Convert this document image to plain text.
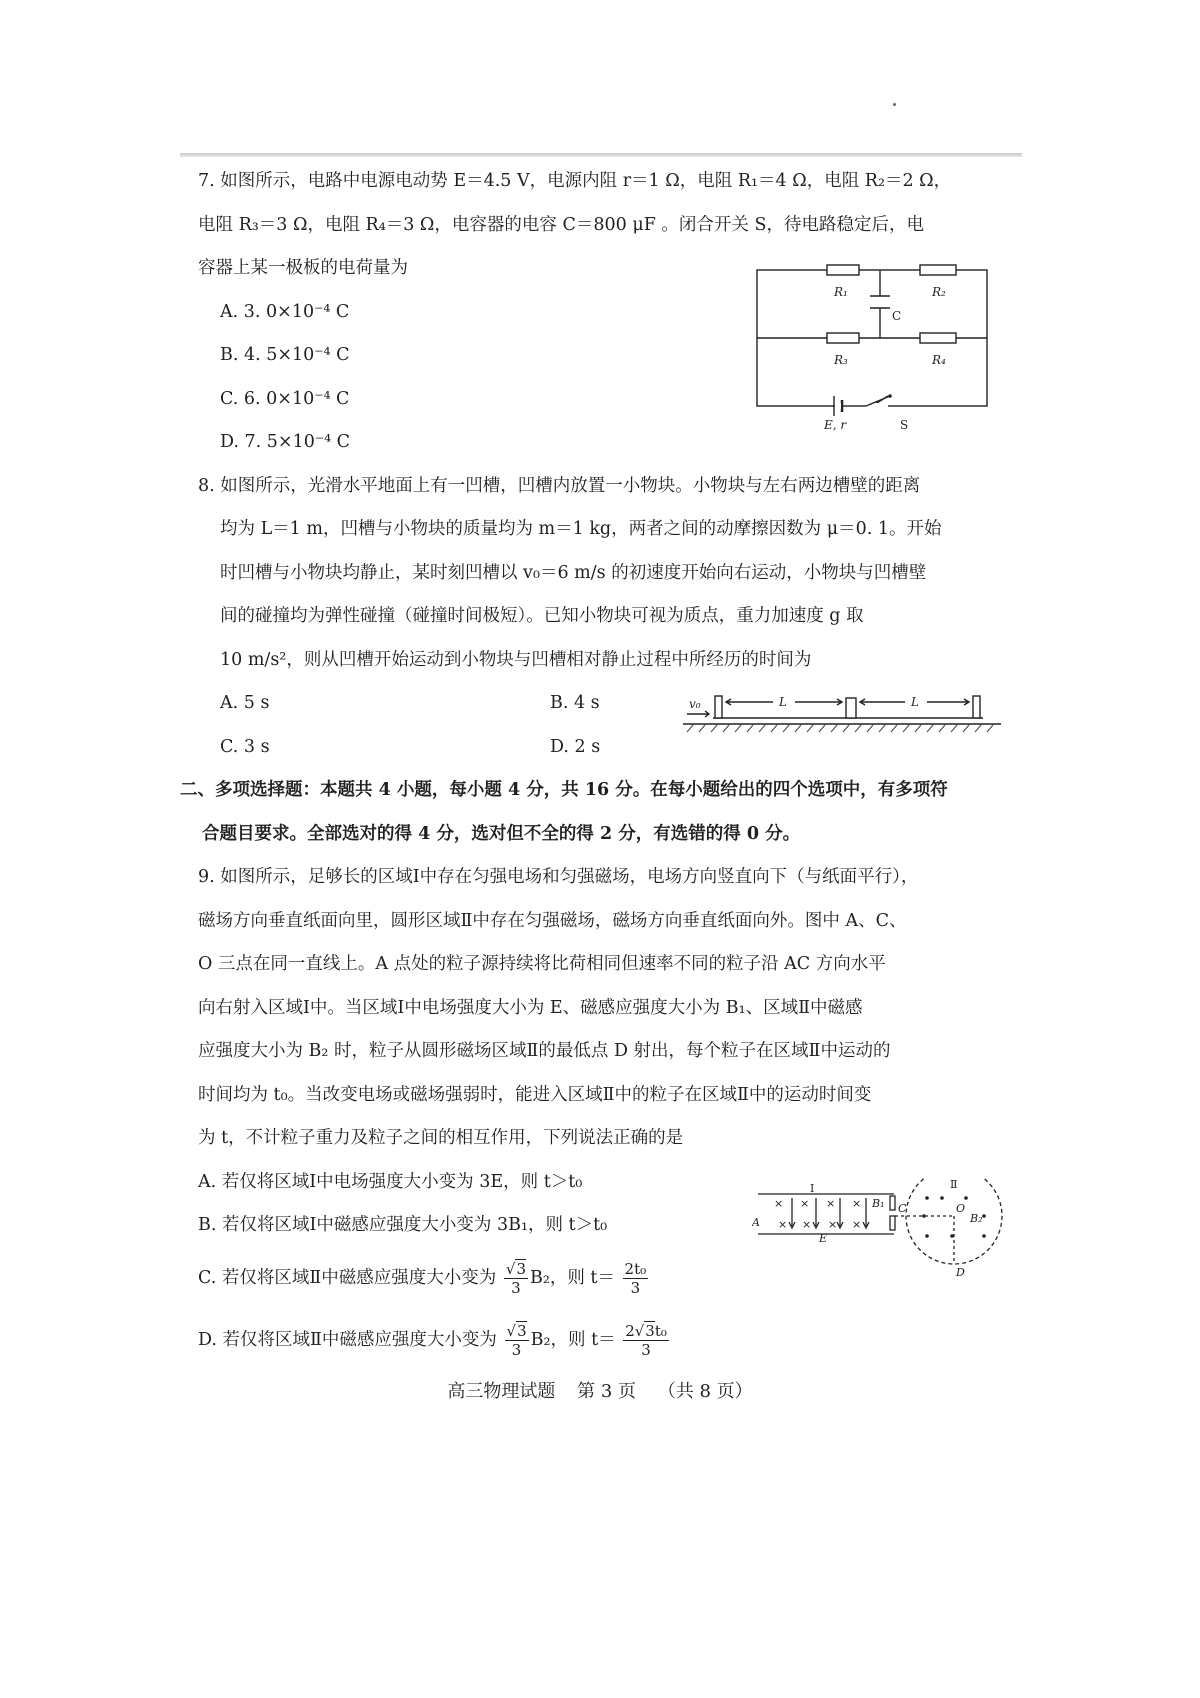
7. 如图所示，电路中电源电动势 E＝4.5 V，电源内阻 r＝1 Ω，电阻 R₁＝4 Ω，电阻 R₂＝2 Ω，
电阻 R₃＝3 Ω，电阻 R₄＝3 Ω，电容器的电容 C＝800 μF 。闭合开关 S，待电路稳定后，电
容器上某一极板的电荷量为
A. 3. 0×10⁻⁴ C
B. 4. 5×10⁻⁴ C
C. 6. 0×10⁻⁴ C
D. 7. 5×10⁻⁴ C
8. 如图所示，光滑水平地面上有一凹槽，凹槽内放置一小物块。小物块与左右两边槽壁的距离
均为 L＝1 m，凹槽与小物块的质量均为 m＝1 kg，两者之间的动摩擦因数为 μ＝0. 1。开始
时凹槽与小物块均静止，某时刻凹槽以 v₀＝6 m/s 的初速度开始向右运动，小物块与凹槽壁
间的碰撞均为弹性碰撞（碰撞时间极短）。已知小物块可视为质点，重力加速度 g 取
10 m/s²，则从凹槽开始运动到小物块与凹槽相对静止过程中所经历的时间为
A. 5 s	B. 4 s
C. 3 s	D. 2 s
二、多项选择题：本题共 4 小题，每小题 4 分，共 16 分。在每小题给出的四个选项中，有多项符
合题目要求。全部选对的得 4 分，选对但不全的得 2 分，有选错的得 0 分。
9. 如图所示，足够长的区域Ⅰ中存在匀强电场和匀强磁场，电场方向竖直向下（与纸面平行），
磁场方向垂直纸面向里，圆形区域Ⅱ中存在匀强磁场，磁场方向垂直纸面向外。图中 A、C、
O 三点在同一直线上。A 点处的粒子源持续将比荷相同但速率不同的粒子沿 AC 方向水平
向右射入区域Ⅰ中。当区域Ⅰ中电场强度大小为 E、磁感应强度大小为 B₁、区域Ⅱ中磁感
应强度大小为 B₂ 时，粒子从圆形磁场区域Ⅱ的最低点 D 射出，每个粒子在区域Ⅱ中运动的
时间均为 t₀。当改变电场或磁场强弱时，能进入区域Ⅱ中的粒子在区域Ⅱ中的运动时间变
为 t，不计粒子重力及粒子之间的相互作用，下列说法正确的是
A. 若仅将区域Ⅰ中电场强度大小变为 3E，则 t＞t₀
B. 若仅将区域Ⅰ中磁感应强度大小变为 3B₁，则 t＞t₀
C. 若仅将区域Ⅱ中磁感应强度大小变为 $\frac{√3}{3} B_2$，则 $t= \frac{\text{2t₀}}{3}$
D. 若仅将区域Ⅱ中磁感应强度大小变为 $\frac{√3}{3} B_2$，则 $t= \frac{\text{2√3t₀}}{3}$
R₁	R₂
R₃	R₄
C
E, r	S
v₀	L	L
× × × ×
× × × ×
Ⅰ	Ⅱ
B₁
B₂
E
A
C	O
D
高三物理试题 第 3 页 （共 8 页）
